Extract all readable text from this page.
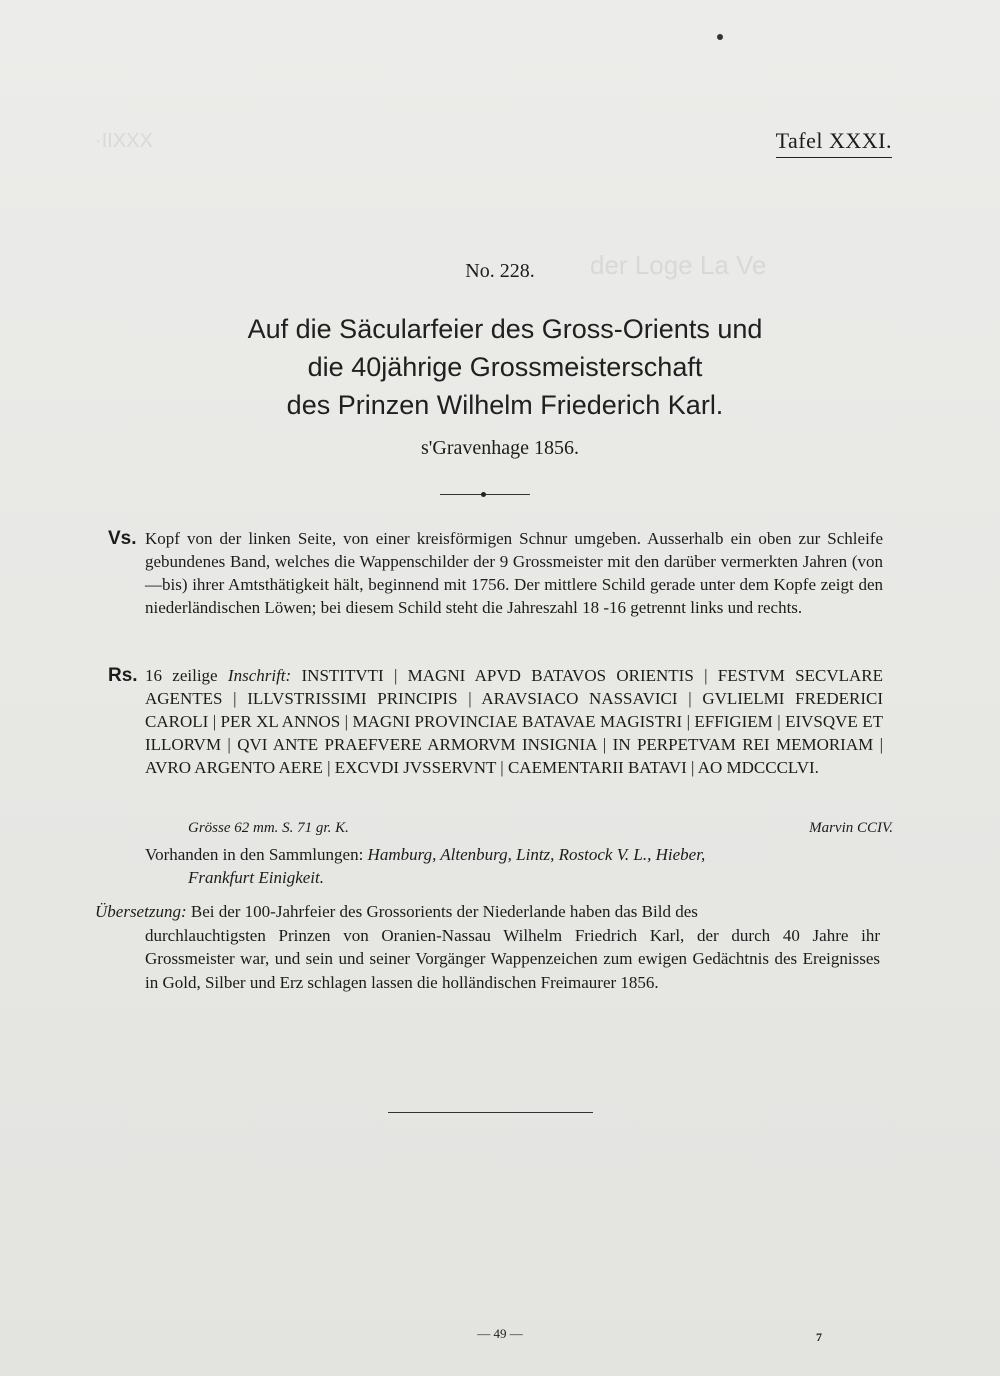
·IIXXX
der Loge La Ve
Tafel XXXI.
No. 228.
Auf die Säcularfeier des Gross-Orients und
die 40jährige Grossmeisterschaft
des Prinzen Wilhelm Friederich Karl.
s'Gravenhage 1856.
Vs. Kopf von der linken Seite, von einer kreisförmigen Schnur umgeben. Ausserhalb ein oben zur Schleife gebundenes Band, welches die Wappenschilder der 9 Grossmeister mit den darüber vermerkten Jahren (von—bis) ihrer Amtsthätigkeit hält, beginnend mit 1756. Der mittlere Schild gerade unter dem Kopfe zeigt den niederländischen Löwen; bei diesem Schild steht die Jahreszahl 18 -16 getrennt links und rechts.
Rs. 16 zeilige Inschrift: INSTITVTI | MAGNI APVD BATAVOS ORIENTIS | FESTVM SECVLARE AGENTES | ILLVSTRISSIMI PRINCIPIS | ARAVSIACO NASSAVICI | GVLIELMI FREDERICI CAROLI | PER XL ANNOS | MAGNI PROVINCIAE BATAVAE MAGISTRI | EFFIGIEM | EIVSQVE ET ILLORVM | QVI ANTE PRAEFVERE ARMORVM INSIGNIA | IN PERPETVAM REI MEMORIAM | AVRO ARGENTO AERE | EXCVDI JVSSERVNT | CAEMENTARII BATAVI | AO MDCCCLVI.
Grösse 62 mm. S. 71 gr. K.	Marvin CCIV.
Vorhanden in den Sammlungen: Hamburg, Altenburg, Lintz, Rostock V. L., Hieber,
Frankfurt Einigkeit.
Übersetzung: Bei der 100-Jahrfeier des Grossorients der Niederlande haben das Bild des
durchlauchtigsten Prinzen von Oranien-Nassau Wilhelm Friedrich Karl, der durch 40 Jahre ihr Grossmeister war, und sein und seiner Vorgänger Wappenzeichen zum ewigen Gedächtnis des Ereignisses in Gold, Silber und Erz schlagen lassen die holländischen Freimaurer 1856.
— 49 —	7
